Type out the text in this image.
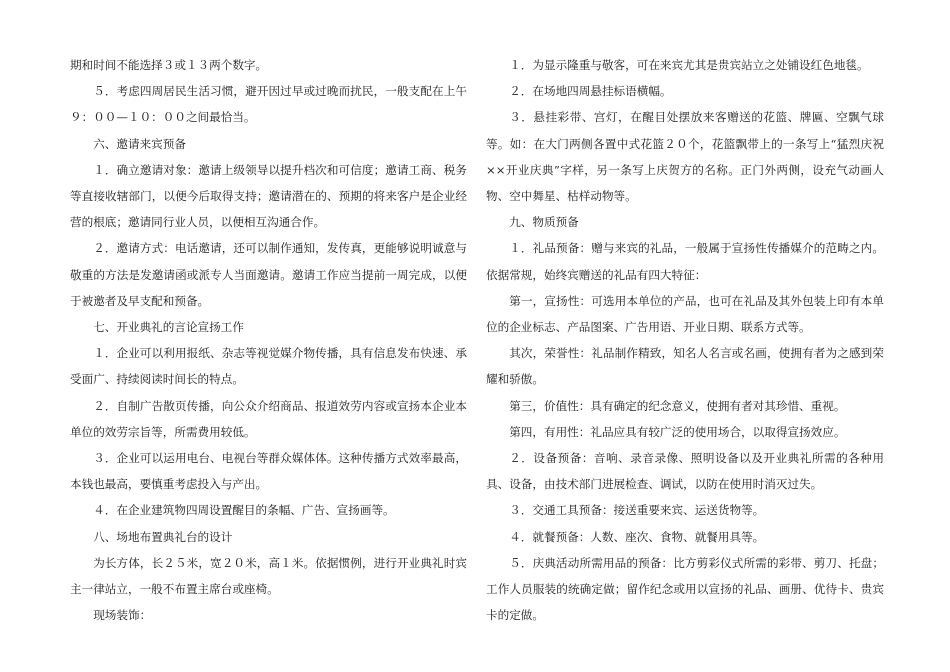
期和时间不能选择３或１３两个数字。

５．考虑四周居民生活习惯，避开因过早或过晚而扰民，一般支配在上午９：００—１０：００之间最恰当。

六、邀请来宾预备

１．确立邀请对象：邀请上级领导以提升档次和可信度；邀请工商、税务等直接收辖部门，以便今后取得支持；邀请潜在的、预期的将来客户是企业经营的根底；邀请同行业人员，以便相互沟通合作。

２．邀请方式：电话邀请，还可以制作通知，发传真，更能够说明诚意与敬重的方法是发邀请函或派专人当面邀请。邀请工作应当提前一周完成，以便于被邀者及早支配和预备。

七、开业典礼的言论宣扬工作

１．企业可以利用报纸、杂志等视觉媒介物传播，具有信息发布快速、承受面广、持续阅读时间长的特点。

２．自制广告散页传播，向公众介绍商品、报道效劳内容或宣扬本企业本单位的效劳宗旨等，所需费用较低。

３．企业可以运用电台、电视台等群众媒体体。这种传播方式效率最高，本钱也最高，要慎重考虑投入与产出。

４．在企业建筑物四周设置醒目的条幅、广告、宣扬画等。

八、场地布置典礼台的设计

为长方体，长２５米，宽２０米，高１米。依据惯例，进行开业典礼时宾主一律站立，一般不布置主席台或座椅。

现场装饰：

１．为显示隆重与敬客，可在来宾尤其是贵宾站立之处铺设红色地毯。

２．在场地四周悬挂标语横幅。

３．悬挂彩带、宫灯，在醒目处摆放来客赠送的花篮、牌匾、空飘气球等。如：在大门两侧各置中式花篮２０个，花篮飘带上的一条写上“猛烈庆祝××开业庆典”字样，另一条写上庆贺方的名称。正门外两侧，设充气动画人物、空中舞星、枯样动物等。

九、物质预备

１．礼品预备：赠与来宾的礼品，一般属于宣扬性传播媒介的范畴之内。依据常规，始终宾赠送的礼品有四大特征：

第一，宣扬性：可选用本单位的产品，也可在礼品及其外包装上印有本单位的企业标志、产品图案、广告用语、开业日期、联系方式等。

其次，荣誉性：礼品制作精致，知名人名言或名画，使拥有者为之感到荣耀和骄傲。

第三，价值性：具有确定的纪念意义，使拥有者对其珍惜、重视。

第四，有用性：礼品应具有较广泛的使用场合，以取得宣扬效应。

２．设备预备：音响、录音录像、照明设备以及开业典礼所需的各种用具、设备，由技术部门进展检查、调试，以防在使用时消灭过失。

３．交通工具预备：接送重要来宾、运送货物等。

４．就餐预备：人数、座次、食物、就餐用具等。

５．庆典活动所需用品的预备：比方剪彩仪式所需的彩带、剪刀、托盘；工作人员服装的统确定做；留作纪念或用以宣扬的礼品、画册、优待卡、贵宾卡的定做。
